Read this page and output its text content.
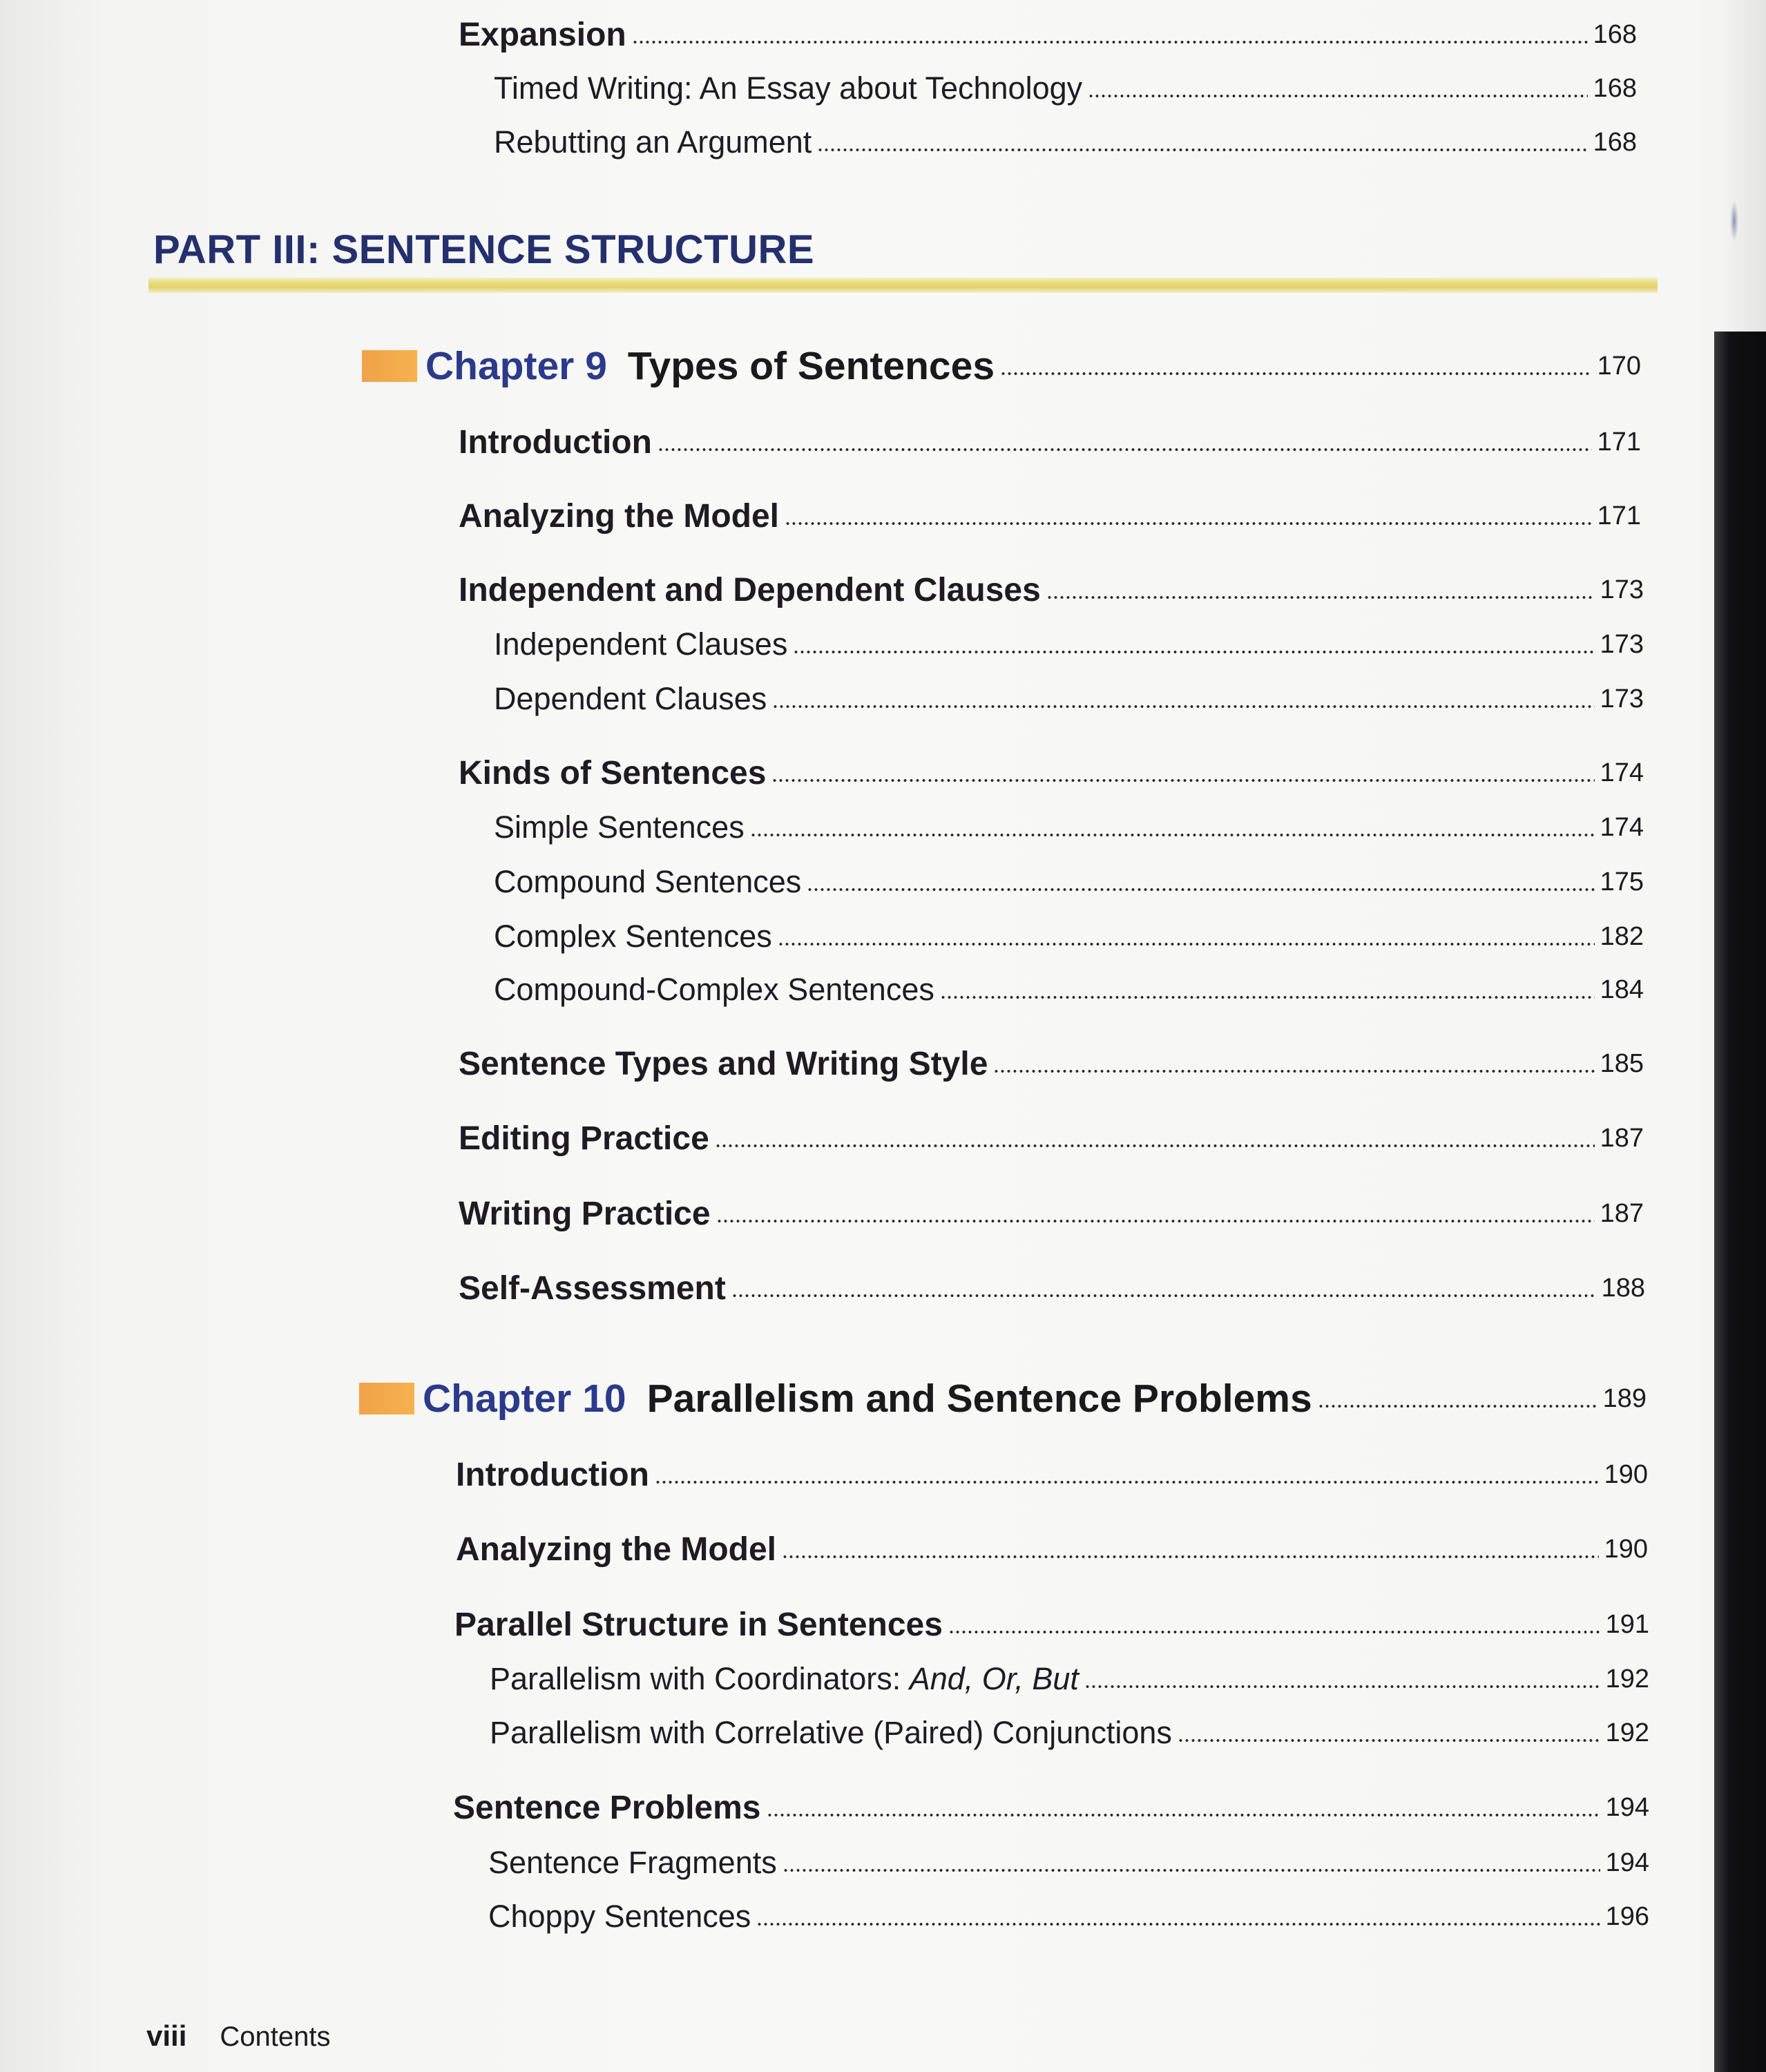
Expansion	168
Timed Writing: An Essay about Technology	168
Rebutting an Argument	168
PART III: SENTENCE STRUCTURE
Chapter 9 Types of Sentences	170
Introduction	171
Analyzing the Model	171
Independent and Dependent Clauses	173
Independent Clauses	173
Dependent Clauses	173
Kinds of Sentences	174
Simple Sentences	174
Compound Sentences	175
Complex Sentences	182
Compound-Complex Sentences	184
Sentence Types and Writing Style	185
Editing Practice	187
Writing Practice	187
Self-Assessment	188
Chapter 10 Parallelism and Sentence Problems	189
Introduction	190
Analyzing the Model	190
Parallel Structure in Sentences	191
Parallelism with Coordinators: And, Or, But	192
Parallelism with Correlative (Paired) Conjunctions	192
Sentence Problems	194
Sentence Fragments	194
Choppy Sentences	196
viii Contents
